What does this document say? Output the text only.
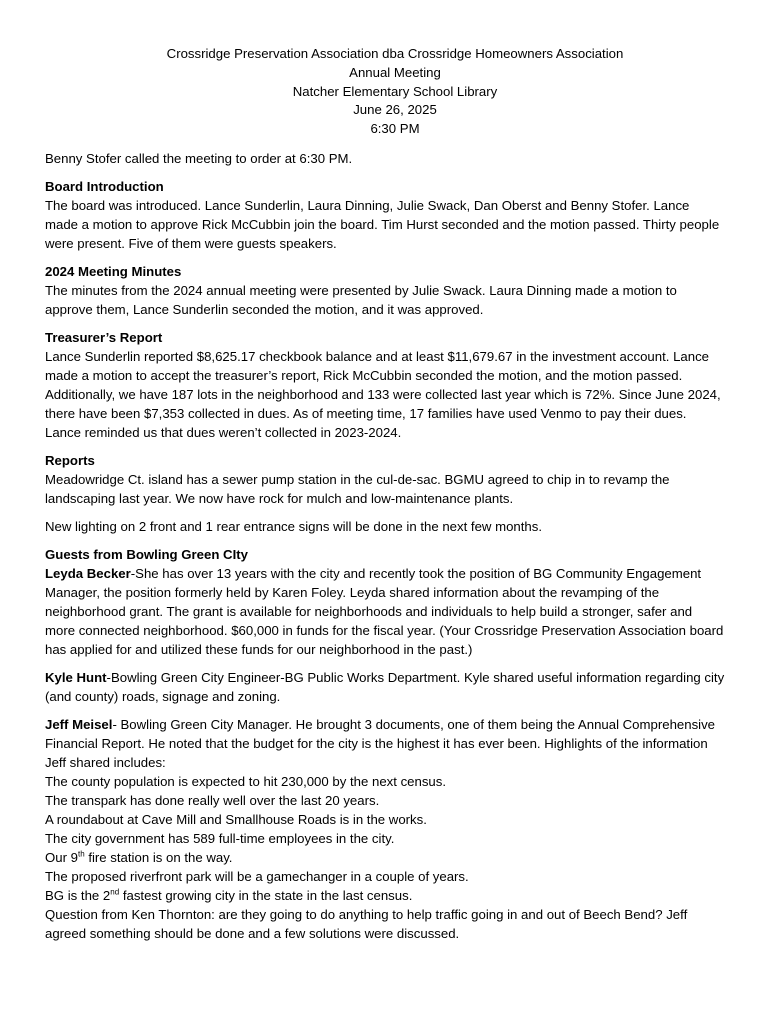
Crossridge Preservation Association dba Crossridge Homeowners Association
Annual Meeting
Natcher Elementary School Library
June 26, 2025
6:30 PM

Benny Stofer called the meeting to order at 6:30 PM.

Board Introduction
The board was introduced. Lance Sunderlin, Laura Dinning, Julie Swack, Dan Oberst and Benny Stofer. Lance made a motion to approve Rick McCubbin join the board. Tim Hurst seconded and the motion passed. Thirty people were present. Five of them were guests speakers.
2024 Meeting Minutes
The minutes from the 2024 annual meeting were presented by Julie Swack. Laura Dinning made a motion to approve them, Lance Sunderlin seconded the motion, and it was approved.
Treasurer’s Report
Lance Sunderlin reported $8,625.17 checkbook balance and at least $11,679.67 in the investment account. Lance made a motion to accept the treasurer’s report, Rick McCubbin seconded the motion, and the motion passed. Additionally, we have 187 lots in the neighborhood and 133 were collected last year which is 72%. Since June 2024, there have been $7,353 collected in dues. As of meeting time, 17 families have used Venmo to pay their dues. Lance reminded us that dues weren’t collected in 2023-2024.
Reports
Meadowridge Ct. island has a sewer pump station in the cul-de-sac. BGMU agreed to chip in to revamp the landscaping last year. We now have rock for mulch and low-maintenance plants.

New lighting on 2 front and 1 rear entrance signs will be done in the next few months.

Guests from Bowling Green CIty
Leyda Becker-She has over 13 years with the city and recently took the position of BG Community Engagement Manager, the position formerly held by Karen Foley. Leyda shared information about the revamping of the neighborhood grant. The grant is available for neighborhoods and individuals to help build a stronger, safer and more connected neighborhood. $60,000 in funds for the fiscal year. (Your Crossridge Preservation Association board has applied for and utilized these funds for our neighborhood in the past.)

Kyle Hunt-Bowling Green City Engineer-BG Public Works Department. Kyle shared useful information regarding city (and county) roads, signage and zoning.

Jeff Meisel- Bowling Green City Manager. He brought 3 documents, one of them being the Annual Comprehensive Financial Report. He noted that the budget for the city is the highest it has ever been. Highlights of the information Jeff shared includes:
The county population is expected to hit 230,000 by the next census.
The transpark has done really well over the last 20 years.
A roundabout at Cave Mill and Smallhouse Roads is in the works.
The city government has 589 full-time employees in the city.
Our 9th fire station is on the way.
The proposed riverfront park will be a gamechanger in a couple of years.
BG is the 2nd fastest growing city in the state in the last census.
Question from Ken Thornton: are they going to do anything to help traffic going in and out of Beech Bend? Jeff agreed something should be done and a few solutions were discussed.
